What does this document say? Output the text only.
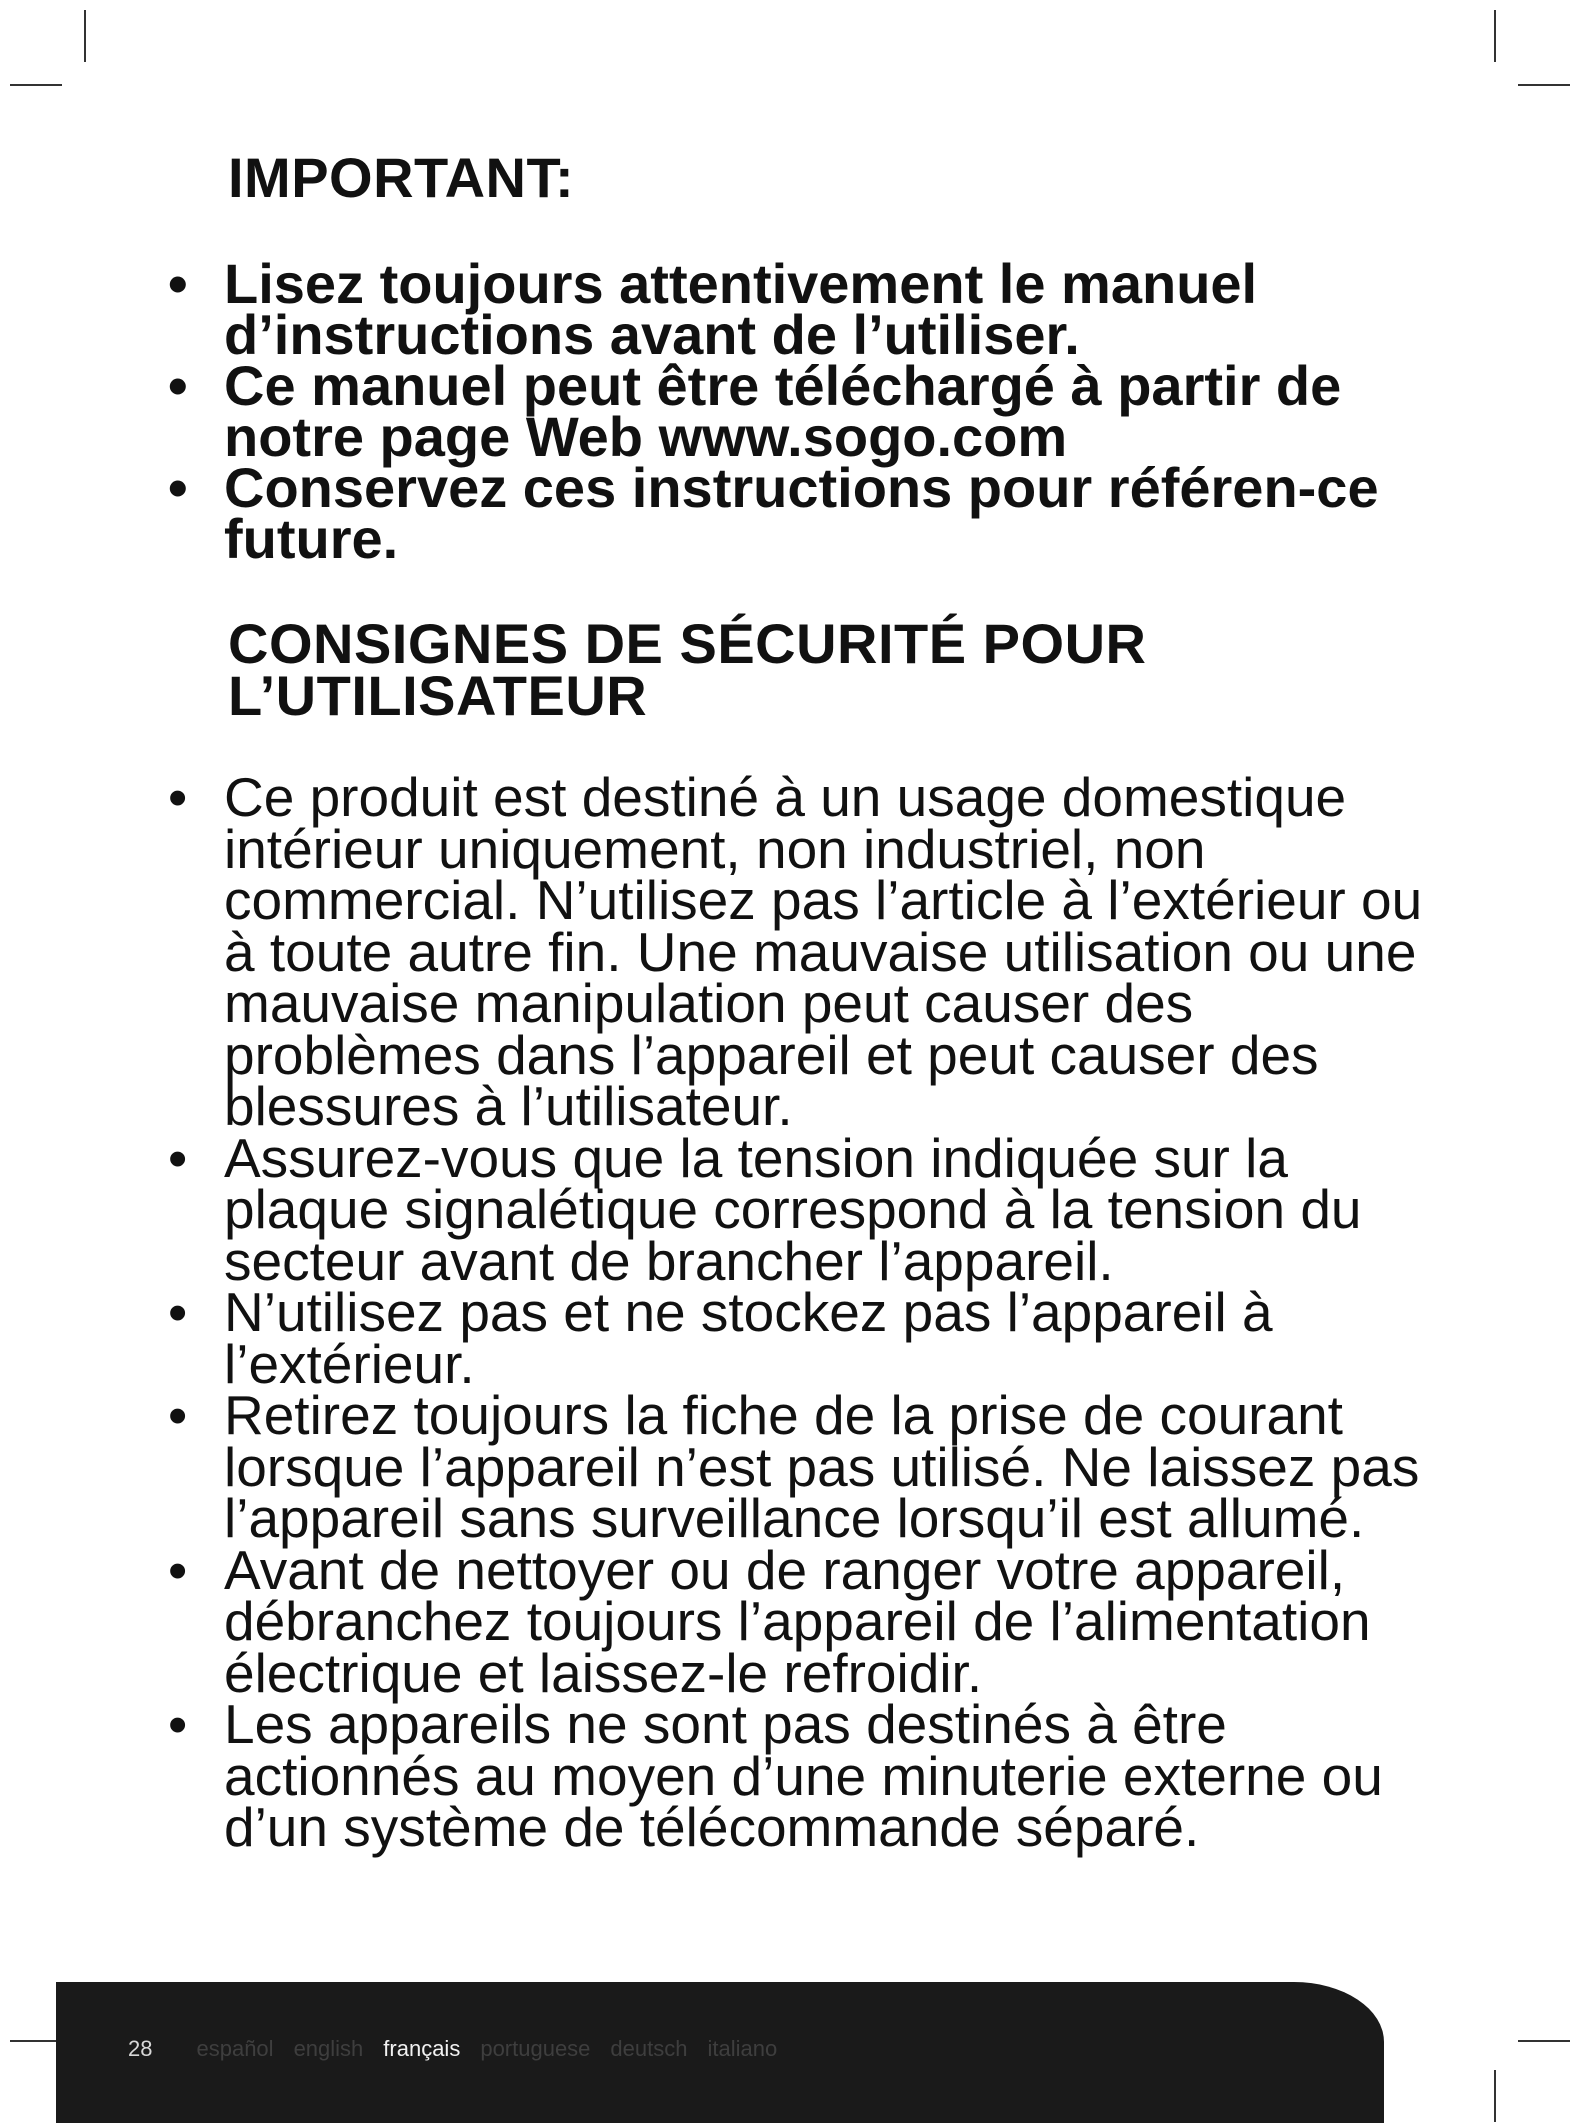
IMPORTANT:
• Lisez toujours attentivement le manuel d’instructions avant de l’utiliser.
• Ce manuel peut être téléchargé à partir de notre page Web www.sogo.com
• Conservez ces instructions pour référen-ce future.
CONSIGNES DE SÉCURITÉ POUR L’UTILISATEUR
• Ce produit est destiné à un usage domestique intérieur uniquement, non industriel, non commercial. N’utilisez pas l’article à l’extérieur ou à toute autre fin. Une mauvaise utilisation ou une mauvaise manipulation peut causer des problèmes dans l’appareil et peut causer des blessures à l’utilisateur.
• Assurez-vous que la tension indiquée sur la plaque signalétique correspond à la tension du secteur avant de brancher l’appareil.
• N’utilisez pas et ne stockez pas l’appareil à l’extérieur.
• Retirez toujours la fiche de la prise de courant lorsque l’appareil n’est pas utilisé. Ne laissez pas l’appareil sans surveillance lorsqu’il est allumé.
• Avant de nettoyer ou de ranger votre appareil, débranchez toujours l’appareil de l’alimentation électrique et laissez-le refroidir.
• Les appareils ne sont pas destinés à être actionnés au moyen d’une minuterie externe ou d’un système de télécommande séparé.
28 español english français portuguese deutsch italiano
